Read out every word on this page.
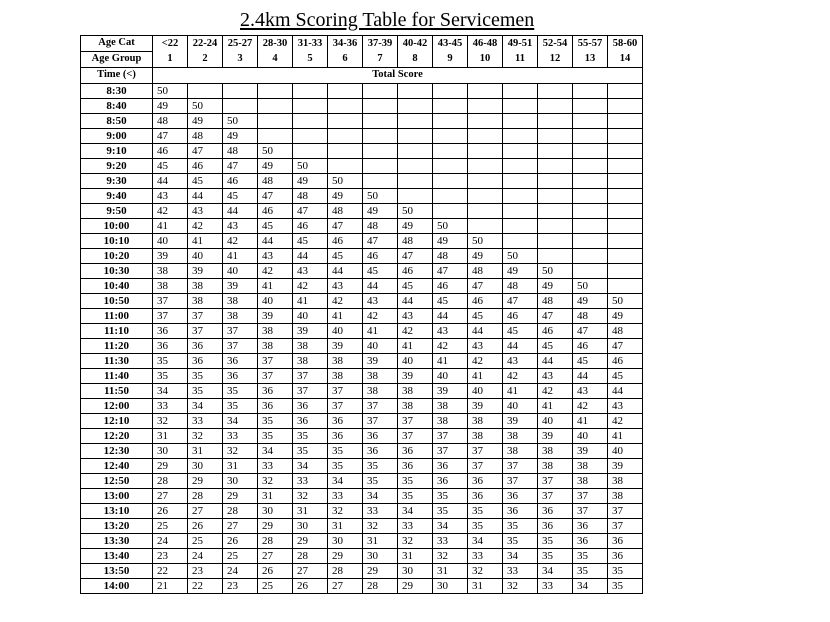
2.4km Scoring Table for Servicemen
Age Cat	<22	22-24	25-27	28-30	31-33	34-36	37-39	40-42	43-45	46-48	49-51	52-54	55-57	58-60
Age Group	1	2	3	4	5	6	7	8	9	10	11	12	13	14
Time (<)	Total Score													
8:30	50													
8:40	49	50												
8:50	48	49	50											
9:00	47	48	49											
9:10	46	47	48	50										
9:20	45	46	47	49	50									
9:30	44	45	46	48	49	50								
9:40	43	44	45	47	48	49	50							
9:50	42	43	44	46	47	48	49	50						
10:00	41	42	43	45	46	47	48	49	50					
10:10	40	41	42	44	45	46	47	48	49	50				
10:20	39	40	41	43	44	45	46	47	48	49	50			
10:30	38	39	40	42	43	44	45	46	47	48	49	50		
10:40	38	38	39	41	42	43	44	45	46	47	48	49	50	
10:50	37	38	38	40	41	42	43	44	45	46	47	48	49	50
11:00	37	37	38	39	40	41	42	43	44	45	46	47	48	49
11:10	36	37	37	38	39	40	41	42	43	44	45	46	47	48
11:20	36	36	37	38	38	39	40	41	42	43	44	45	46	47
11:30	35	36	36	37	38	38	39	40	41	42	43	44	45	46
11:40	35	35	36	37	37	38	38	39	40	41	42	43	44	45
11:50	34	35	35	36	37	37	38	38	39	40	41	42	43	44
12:00	33	34	35	36	36	37	37	38	38	39	40	41	42	43
12:10	32	33	34	35	36	36	37	37	38	38	39	40	41	42
12:20	31	32	33	35	35	36	36	37	37	38	38	39	40	41
12:30	30	31	32	34	35	35	36	36	37	37	38	38	39	40
12:40	29	30	31	33	34	35	35	36	36	37	37	38	38	39
12:50	28	29	30	32	33	34	35	35	36	36	37	37	38	38
13:00	27	28	29	31	32	33	34	35	35	36	36	37	37	38
13:10	26	27	28	30	31	32	33	34	35	35	36	36	37	37
13:20	25	26	27	29	30	31	32	33	34	35	35	36	36	37
13:30	24	25	26	28	29	30	31	32	33	34	35	35	36	36
13:40	23	24	25	27	28	29	30	31	32	33	34	35	35	36
13:50	22	23	24	26	27	28	29	30	31	32	33	34	35	35
14:00	21	22	23	25	26	27	28	29	30	31	32	33	34	35
